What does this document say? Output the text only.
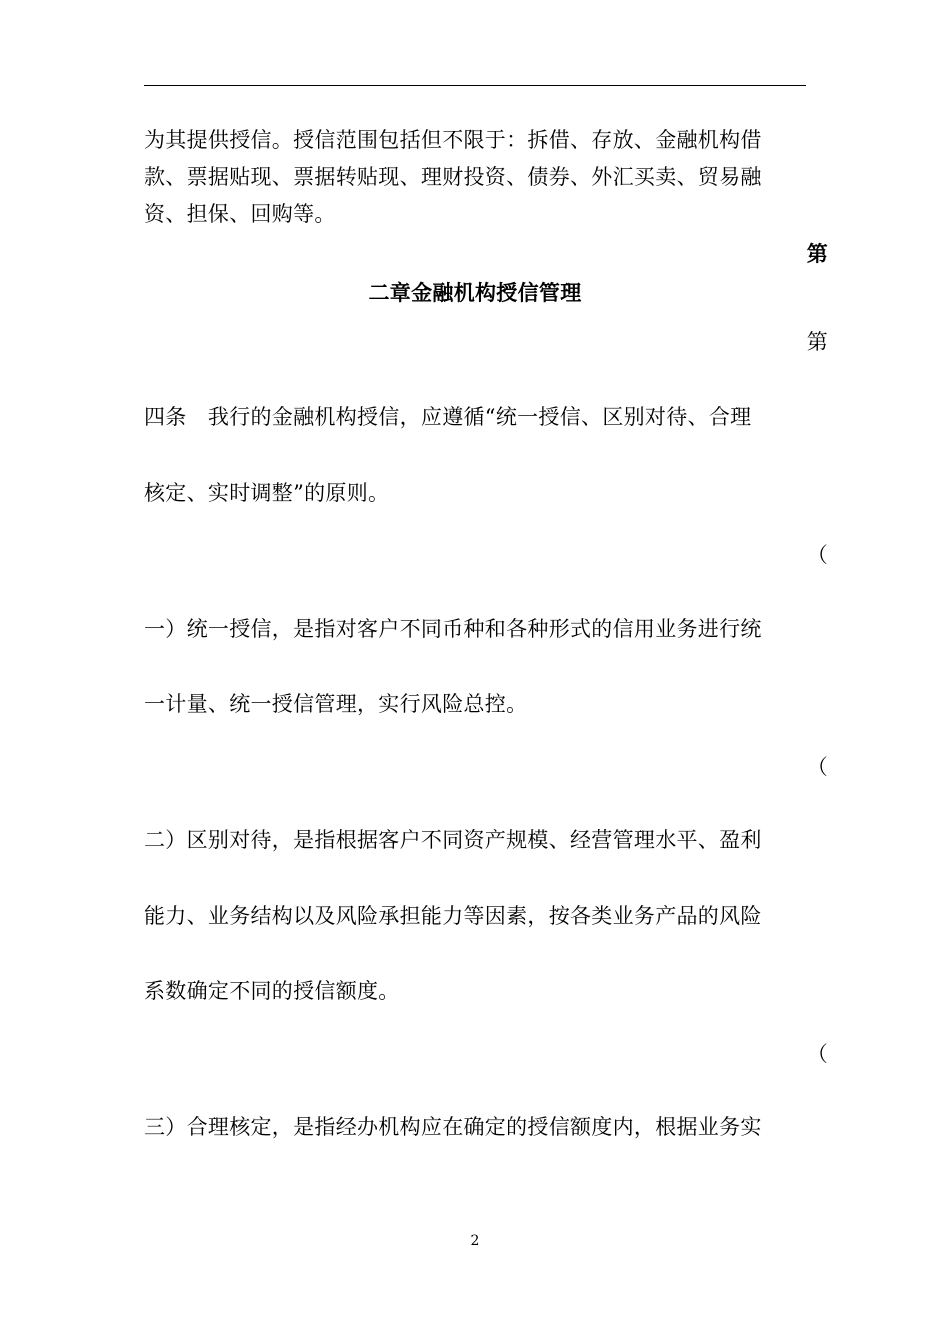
为其提供授信。授信范围包括但不限于：拆借、存放、金融机构借
款、票据贴现、票据转贴现、理财投资、债券、外汇买卖、贸易融
资、担保、回购等。
第
二章金融机构授信管理
第
四条　我行的金融机构授信，应遵循“统一授信、区别对待、合理
核定、实时调整”的原则。
（
一）统一授信，是指对客户不同币种和各种形式的信用业务进行统
一计量、统一授信管理，实行风险总控。
（
二）区别对待，是指根据客户不同资产规模、经营管理水平、盈利
能力、业务结构以及风险承担能力等因素，按各类业务产品的风险
系数确定不同的授信额度。
（
三）合理核定，是指经办机构应在确定的授信额度内，根据业务实
2
